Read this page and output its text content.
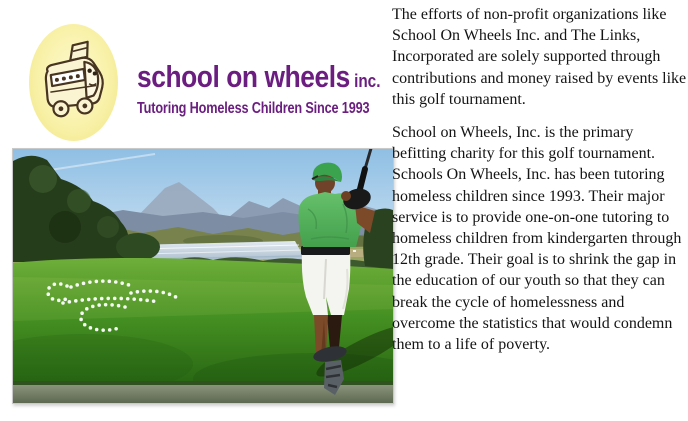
school on wheels inc.
Tutoring Homeless Children Since 1993

The efforts of non-profit organizations like School On Wheels Inc. and The Links, Incorporated are solely supported through contributions and money raised by events like this golf tournament.

School on Wheels, Inc. is the primary befitting charity for this golf tournament. Schools On Wheels, Inc. has been tutoring homeless children since 1993. Their major service is to provide one-on-one tutoring to homeless children from kindergarten through 12th grade. Their goal is to shrink the gap in the education of our youth so that they can break the cycle of homelessness and overcome the statistics that would condemn them to a life of poverty.
